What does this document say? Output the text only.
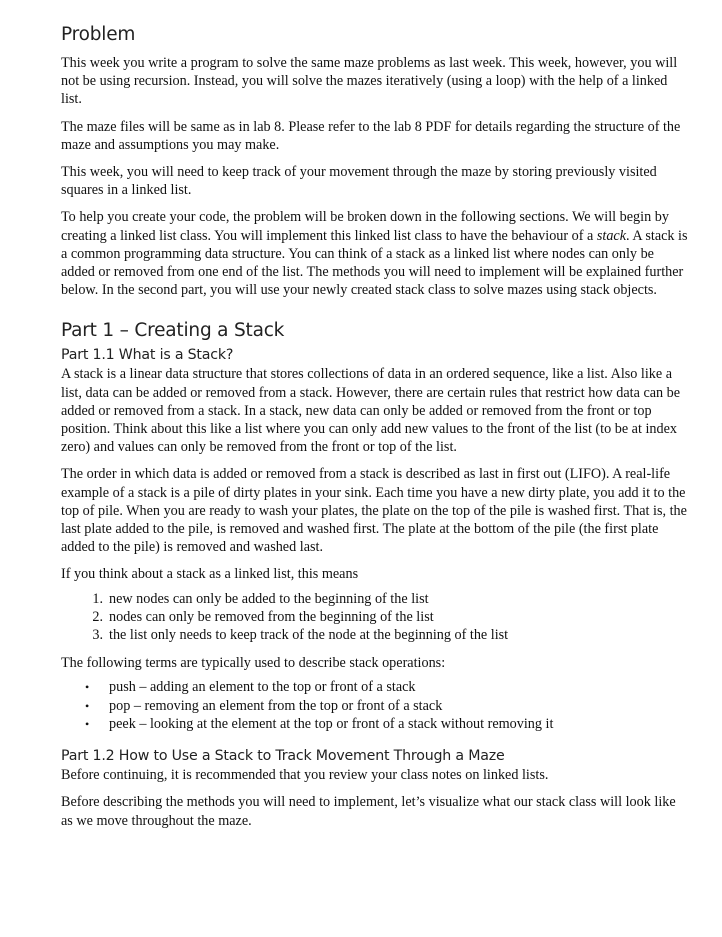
Problem

This week you write a program to solve the same maze problems as last week. This week, however, you will not be using recursion. Instead, you will solve the mazes iteratively (using a loop) with the help of a linked list.

The maze files will be same as in lab 8. Please refer to the lab 8 PDF for details regarding the structure of the maze and assumptions you may make.

This week, you will need to keep track of your movement through the maze by storing previously visited squares in a linked list.

To help you create your code, the problem will be broken down in the following sections. We will begin by creating a linked list class. You will implement this linked list class to have the behaviour of a stack. A stack is a common programming data structure. You can think of a stack as a linked list where nodes can only be added or removed from one end of the list. The methods you will need to implement will be explained further below. In the second part, you will use your newly created stack class to solve mazes using stack objects.

Part 1 – Creating a Stack
Part 1.1 What is a Stack?

A stack is a linear data structure that stores collections of data in an ordered sequence, like a list. Also like a list, data can be added or removed from a stack. However, there are certain rules that restrict how data can be added or removed from a stack. In a stack, new data can only be added or removed from the front or top position. Think about this like a list where you can only add new values to the front of the list (to be at index zero) and values can only be removed from the front or top of the list.

The order in which data is added or removed from a stack is described as last in first out (LIFO). A real-life example of a stack is a pile of dirty plates in your sink. Each time you have a new dirty plate, you add it to the top of pile. When you are ready to wash your plates, the plate on the top of the pile is washed first. That is, the last plate added to the pile, is removed and washed first. The plate at the bottom of the pile (the first plate added to the pile) is removed and washed last.

If you think about a stack as a linked list, this means

1. new nodes can only be added to the beginning of the list
2. nodes can only be removed from the beginning of the list
3. the list only needs to keep track of the node at the beginning of the list

The following terms are typically used to describe stack operations:

• push – adding an element to the top or front of a stack
• pop – removing an element from the top or front of a stack
• peek – looking at the element at the top or front of a stack without removing it
Part 1.2 How to Use a Stack to Track Movement Through a Maze

Before continuing, it is recommended that you review your class notes on linked lists.

Before describing the methods you will need to implement, let’s visualize what our stack class will look like as we move throughout the maze.
